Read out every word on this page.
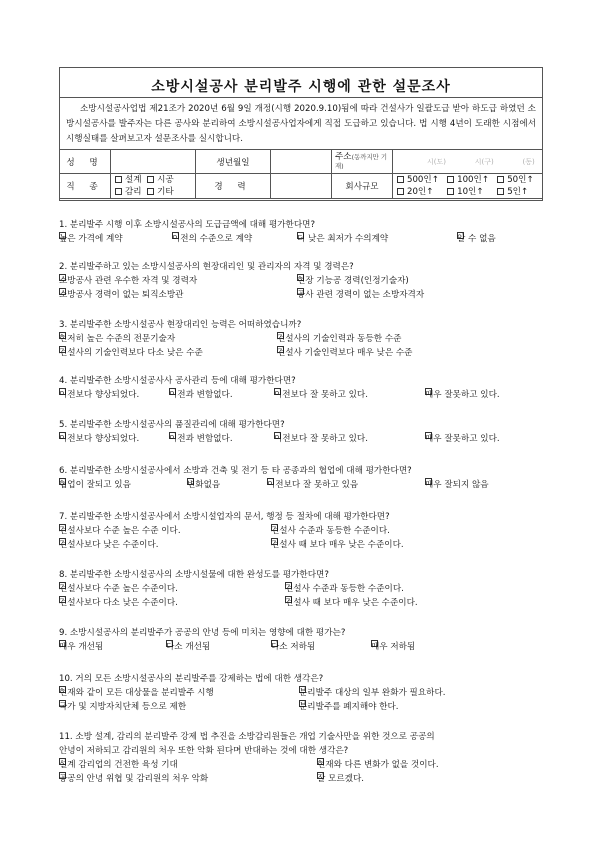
소방시설공사 분리발주 시행에 관한 설문조사
소방시설공사업법 제21조가 2020년 6월 9일 개정(시행 2020.9.10)됨에 따라 건설사가 일괄도급 받아 하도급 하였던 소방시설공사를 발주자는 다른 공사와 분리하여 소방시설공사업자에게 직접 도급하고 있습니다. 법 시행 4년이 도래한 시점에서 시행실태를 살펴보고자 설문조사를 실시합니다.
성 명		생년월일		주소(동까지만 기재)	시(도) 시(구) (동)
직 종	설계 시공
감리 기타	경 력		회사규모	500인↑ 100인↑ 50인↑
20인↑ 10인↑ 5인↑
1. 분리발주 시행 이후 소방시설공사의 도급금액에 대해 평가한다면?
높은 가격에 계약	이전의 수준으로 계약	더 낮은 최저가 수의계약	알 수 없음
2. 분리발주하고 있는 소방시설공사의 현장대리인 및 관리자의 자격 및 경력은?
소방공사 관련 우수한 자격 및 경력자	현장 기능공 경력(인정기술자)
소방공사 경력이 없는 퇴직소방관	공사 관련 경력이 없는 소방자격자
3. 분리발주한 소방시설공사 현장대리인 능력은 어떠하였습니까?
현저히 높은 수준의 전문기술자	건설사의 기술인력과 동등한 수준
건설사의 기술인력보다 다소 낮은 수준	건설사 기술인력보다 매우 낮은 수준
4. 분리발주한 소방시설공사사 공사관리 등에 대해 평가한다면?
이전보다 향상되었다.	이전과 변함없다.	이전보다 잘 못하고 있다.	매우 잘못하고 있다.
5. 분리발주한 소방시설공사의 품질관리에 대해 평가한다면?
이전보다 향상되었다.	이전과 변함없다.	이전보다 잘 못하고 있다.	매우 잘못하고 있다.
6. 분리발주한 소방시설공사에서 소방과 건축 및 전기 등 타 공종과의 협업에 대해 평가한다면?
협업이 잘되고 있음	변화없음	이전보다 잘 못하고 있음	매우 잘되지 않음
7. 분리발주한 소방시설공사에서 소방시설업자의 문서, 행정 등 절차에 대해 평가한다면?
건설사보다 수준 높은 수준 이다.	건설사 수준과 동등한 수준이다.
건설사보다 낮은 수준이다.	건설사 때 보다 매우 낮은 수준이다.
8. 분리발주한 소방시설공사의 소방시설물에 대한 완성도를 평가한다면?
건설사보다 수준 높은 수준이다.	건설사 수준과 동등한 수준이다.
건설사보다 다소 낮은 수준이다.	건설사 때 보다 매우 낮은 수준이다.
9. 소방시설공사의 분리발주가 공공의 안녕 등에 미치는 영향에 대한 평가는?
매우 개선됨	다소 개선됨	다소 저하됨	매우 저하됨
10. 거의 모든 소방시설공사의 분리발주를 강제하는 법에 대한 생각은?
현재와 같이 모든 대상물을 분리발주 시행	분리발주 대상의 일부 완화가 필요하다.
국가 및 지방자치단체 등으로 제한	분리발주를 폐지해야 한다.
11. 소방 설계, 감리의 분리발주 강제 법 추진을 소방감리원들은 개업 기술사만을 위한 것으로 공공의
안녕이 저하되고 감리원의 처우 또한 악화 된다며 반대하는 것에 대한 생각은?
설계 감리업의 건전한 육성 기대	현재와 다른 변화가 없을 것이다.
공공의 안녕 위협 및 감리원의 처우 악화	잘 모르겠다.
